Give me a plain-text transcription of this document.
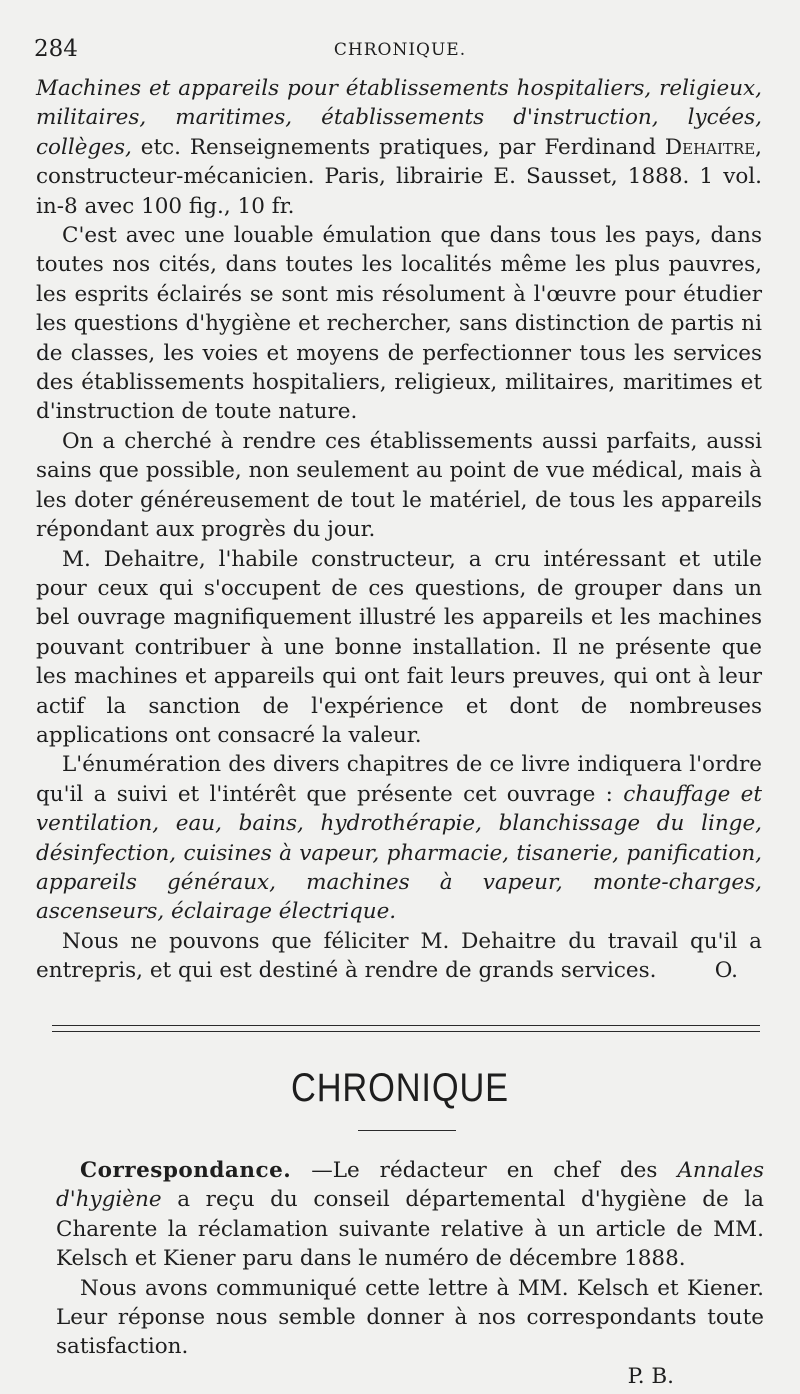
284	CHRONIQUE.

Machines et appareils pour établissements hospitaliers, religieux, militaires, maritimes, établissements d'instruction, lycées, collèges, etc. Renseignements pratiques, par Ferdinand Dehaitre, constructeur-mécanicien. Paris, librairie E. Sausset, 1888. 1 vol. in-8 avec 100 fig., 10 fr.

C'est avec une louable émulation que dans tous les pays, dans toutes nos cités, dans toutes les localités même les plus pauvres, les esprits éclairés se sont mis résolument à l'œuvre pour étudier les questions d'hygiène et rechercher, sans distinction de partis ni de classes, les voies et moyens de perfectionner tous les services des établissements hospitaliers, religieux, militaires, maritimes et d'instruction de toute nature.

On a cherché à rendre ces établissements aussi parfaits, aussi sains que possible, non seulement au point de vue médical, mais à les doter généreusement de tout le matériel, de tous les appareils répondant aux progrès du jour.

M. Dehaitre, l'habile constructeur, a cru intéressant et utile pour ceux qui s'occupent de ces questions, de grouper dans un bel ouvrage magnifiquement illustré les appareils et les machines pouvant contribuer à une bonne installation. Il ne présente que les machines et appareils qui ont fait leurs preuves, qui ont à leur actif la sanction de l'expérience et dont de nombreuses applications ont consacré la valeur.

L'énumération des divers chapitres de ce livre indiquera l'ordre qu'il a suivi et l'intérêt que présente cet ouvrage : chauffage et ventilation, eau, bains, hydrothérapie, blanchissage du linge, désinfection, cuisines à vapeur, pharmacie, tisanerie, panification, appareils généraux, machines à vapeur, monte-charges, ascenseurs, éclairage électrique.

Nous ne pouvons que féliciter M. Dehaitre du travail qu'il a entrepris, et qui est destiné à rendre de grands services.	O.

CHRONIQUE

Correspondance. —Le rédacteur en chef des Annales d'hygiène a reçu du conseil départemental d'hygiène de la Charente la réclamation suivante relative à un article de MM. Kelsch et Kiener paru dans le numéro de décembre 1888.

Nous avons communiqué cette lettre à MM. Kelsch et Kiener. Leur réponse nous semble donner à nos correspondants toute satisfaction.

P. B.
